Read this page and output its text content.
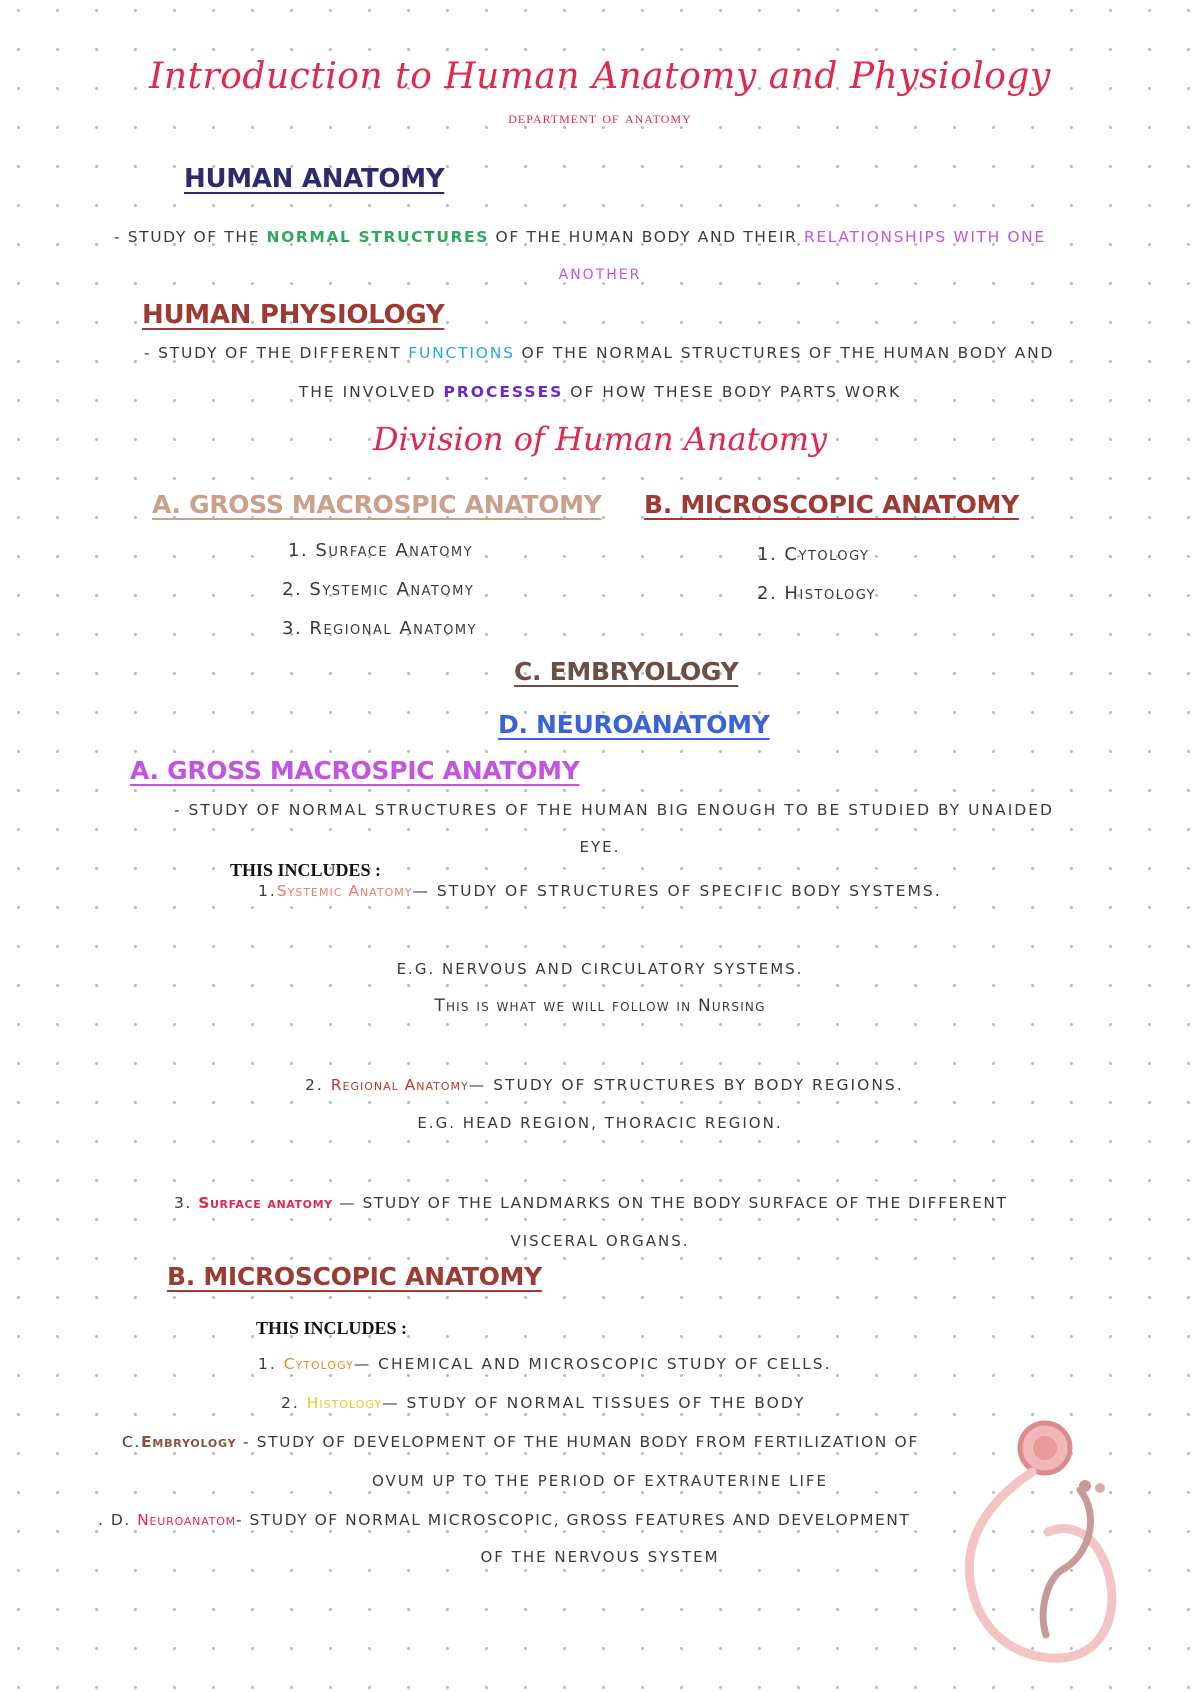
Introduction to Human Anatomy and Physiology
department of anatomy
HUMAN ANATOMY
- STUDY OF THE NORMAL STRUCTURES OF THE HUMAN BODY AND THEIR RELATIONSHIPS WITH ONE
ANOTHER
HUMAN PHYSIOLOGY
- STUDY OF THE DIFFERENT FUNCTIONS OF THE NORMAL STRUCTURES OF THE HUMAN BODY AND
THE INVOLVED PROCESSES OF HOW THESE BODY PARTS WORK
Division of Human Anatomy
A. GROSS MACROSPIC ANATOMY B. MICROSCOPIC ANATOMY
1. Surface Anatomy
2. Systemic Anatomy
3. Regional Anatomy
1. Cytology
2. Histology
C. EMBRYOLOGY
D. NEUROANATOMY
A. GROSS MACROSPIC ANATOMY
- STUDY OF NORMAL STRUCTURES OF THE HUMAN BIG ENOUGH TO BE STUDIED BY UNAIDED
EYE.
THIS INCLUDES :
1.Systemic Anatomy— STUDY OF STRUCTURES OF SPECIFIC BODY SYSTEMS.
E.G. NERVOUS AND CIRCULATORY SYSTEMS.
This is what we will follow in Nursing
2. Regional Anatomy— STUDY OF STRUCTURES BY BODY REGIONS.
E.G. HEAD REGION, THORACIC REGION.
3. Surface anatomy — STUDY OF THE LANDMARKS ON THE BODY SURFACE OF THE DIFFERENT
VISCERAL ORGANS.
B. MICROSCOPIC ANATOMY
THIS INCLUDES :
1. Cytology— CHEMICAL AND MICROSCOPIC STUDY OF CELLS.
2. Histology— STUDY OF NORMAL TISSUES OF THE BODY
C.Embryology - STUDY OF DEVELOPMENT OF THE HUMAN BODY FROM FERTILIZATION OF
OVUM UP TO THE PERIOD OF EXTRAUTERINE LIFE
. D. Neuroanatom- STUDY OF NORMAL MICROSCOPIC, GROSS FEATURES AND DEVELOPMENT
OF THE NERVOUS SYSTEM
